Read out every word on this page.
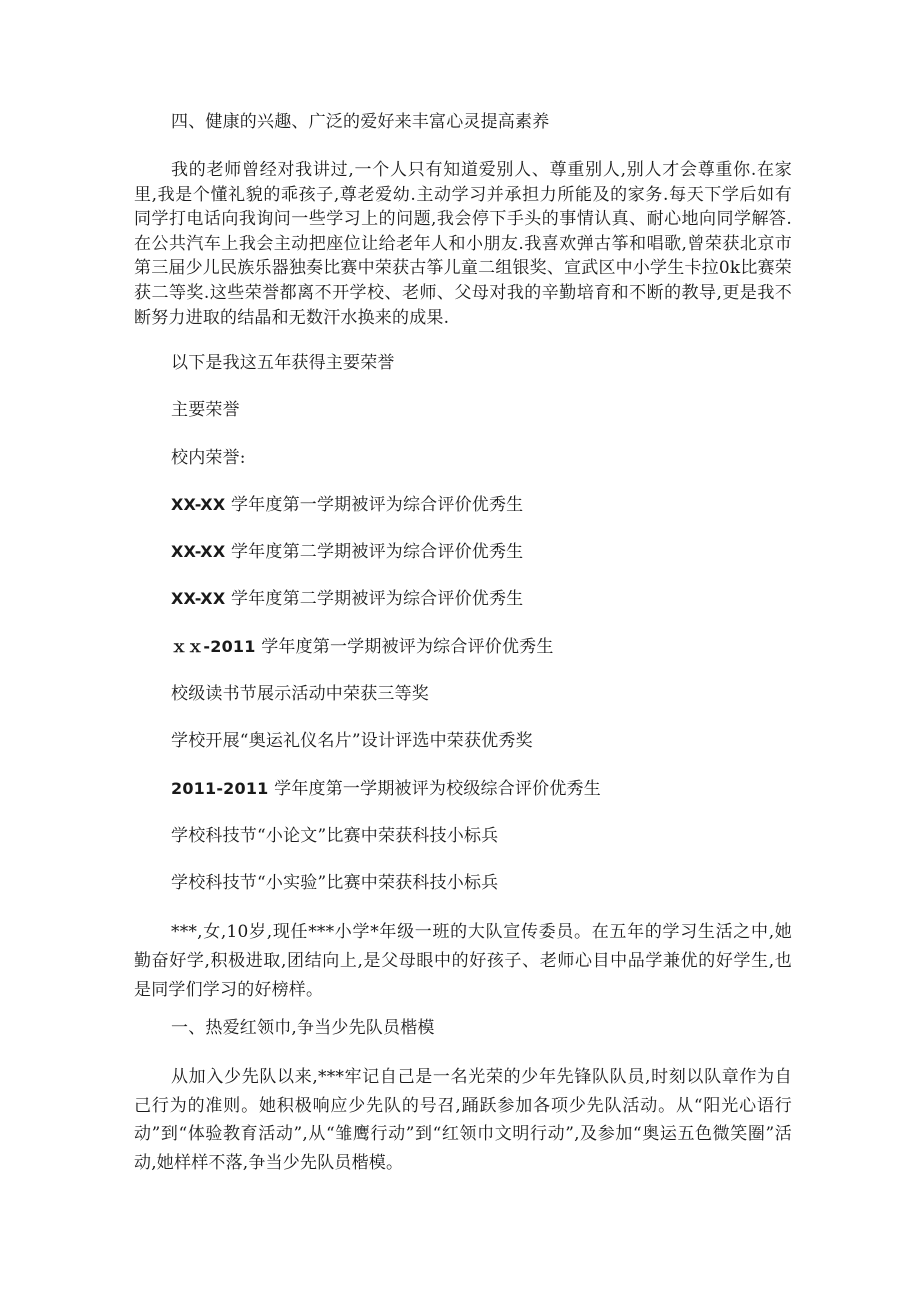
四、健康的兴趣、广泛的爱好来丰富心灵提高素养
我的老师曾经对我讲过,一个人只有知道爱别人、尊重别人,别人才会尊重你.在家里,我是个懂礼貌的乖孩子,尊老爱幼.主动学习并承担力所能及的家务.每天下学后如有同学打电话向我询问一些学习上的问题,我会停下手头的事情认真、耐心地向同学解答.在公共汽车上我会主动把座位让给老年人和小朋友.我喜欢弹古筝和唱歌,曾荣获北京市第三届少儿民族乐器独奏比赛中荣获古筝儿童二组银奖、宣武区中小学生卡拉0k比赛荣获二等奖.这些荣誉都离不开学校、老师、父母对我的辛勤培育和不断的教导,更是我不断努力进取的结晶和无数汗水换来的成果.
以下是我这五年获得主要荣誉
主要荣誉
校内荣誉:
XX-XX 学年度第一学期被评为综合评价优秀生
XX-XX 学年度第二学期被评为综合评价优秀生
XX-XX 学年度第二学期被评为综合评价优秀生
ｘｘ-2011 学年度第一学期被评为综合评价优秀生
校级读书节展示活动中荣获三等奖
学校开展“奥运礼仪名片”设计评选中荣获优秀奖
2011-2011 学年度第一学期被评为校级综合评价优秀生
学校科技节“小论文”比赛中荣获科技小标兵
学校科技节“小实验”比赛中荣获科技小标兵
***,女,10岁,现任***小学*年级一班的大队宣传委员。在五年的学习生活之中,她勤奋好学,积极进取,团结向上,是父母眼中的好孩子、老师心目中品学兼优的好学生,也是同学们学习的好榜样。
一、热爱红领巾,争当少先队员楷模
从加入少先队以来,***牢记自己是一名光荣的少年先锋队队员,时刻以队章作为自己行为的准则。她积极响应少先队的号召,踊跃参加各项少先队活动。从“阳光心语行动”到“体验教育活动”,从“雏鹰行动”到“红领巾文明行动”,及参加“奥运五色微笑圈”活动,她样样不落,争当少先队员楷模。
